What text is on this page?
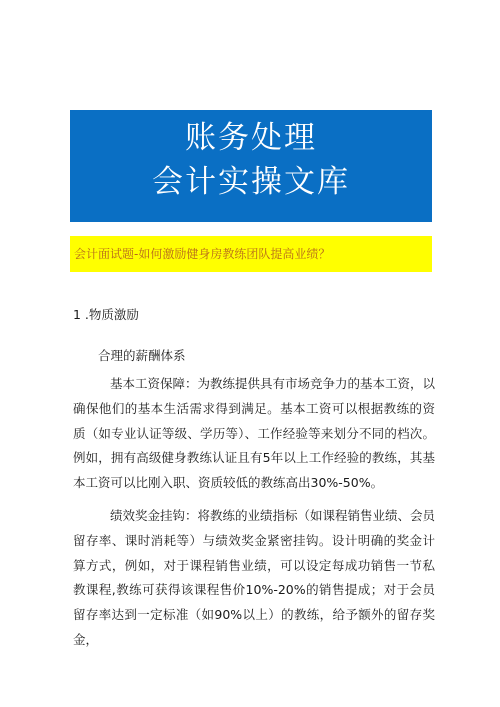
账务处理
会计实操文库
会计面试题-如何激励健身房教练团队提高业绩？
1 .物质激励
合理的薪酬体系
基本工资保障：为教练提供具有市场竞争力的基本工资，以确保他们的基本生活需求得到满足。基本工资可以根据教练的资质（如专业认证等级、学历等）、工作经验等来划分不同的档次。例如，拥有高级健身教练认证且有5年以上工作经验的教练，其基本工资可以比刚入职、资质较低的教练高出30%-50%。
绩效奖金挂钩：将教练的业绩指标（如课程销售业绩、会员留存率、课时消耗等）与绩效奖金紧密挂钩。设计明确的奖金计算方式，例如，对于课程销售业绩，可以设定每成功销售一节私教课程,教练可获得该课程售价10%-20%的销售提成；对于会员留存率达到一定标准（如90%以上）的教练，给予额外的留存奖金，
